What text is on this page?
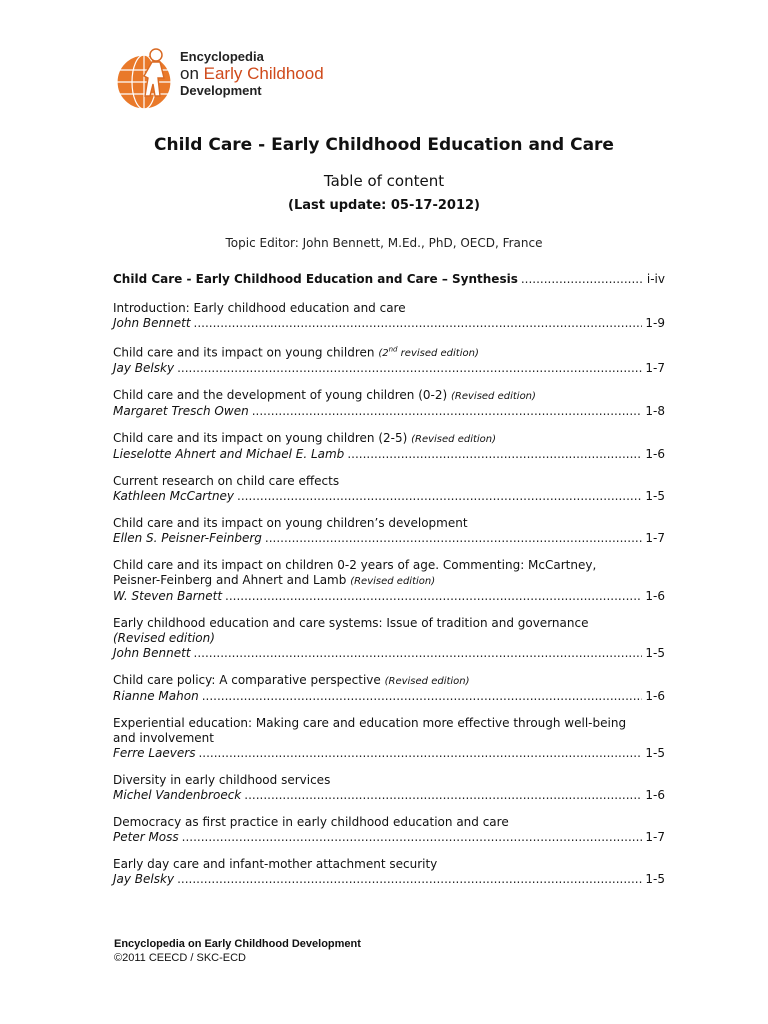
Encyclopedia
on Early Childhood
Development
Child Care - Early Childhood Education and Care
Table of content
(Last update: 05-17-2012)
Topic Editor: John Bennett, M.Ed., PhD, OECD, France
Child Care - Early Childhood Education and Care – Synthesis .....	i-iv
Introduction: Early childhood education and care
John Bennett .....	1-9
Child care and its impact on young children (2nd revised edition)
Jay Belsky .....	1-7
Child care and the development of young children (0-2) (Revised edition)
Margaret Tresch Owen .....	1-8
Child care and its impact on young children (2-5) (Revised edition)
Lieselotte Ahnert and Michael E. Lamb .....	1-6
Current research on child care effects
Kathleen McCartney .....	1-5
Child care and its impact on young children’s development
Ellen S. Peisner-Feinberg .....	1-7
Child care and its impact on children 0-2 years of age. Commenting: McCartney,
Peisner-Feinberg and Ahnert and Lamb (Revised edition)
W. Steven Barnett .....	1-6
Early childhood education and care systems: Issue of tradition and governance
(Revised edition)
John Bennett .....	1-5
Child care policy: A comparative perspective (Revised edition)
Rianne Mahon .....	1-6
Experiential education: Making care and education more effective through well-being
and involvement
Ferre Laevers .....	1-5
Diversity in early childhood services
Michel Vandenbroeck .....	1-6
Democracy as first practice in early childhood education and care
Peter Moss .....	1-7
Early day care and infant-mother attachment security
Jay Belsky .....	1-5
Encyclopedia on Early Childhood Development
©2011 CEECD / SKC-ECD
